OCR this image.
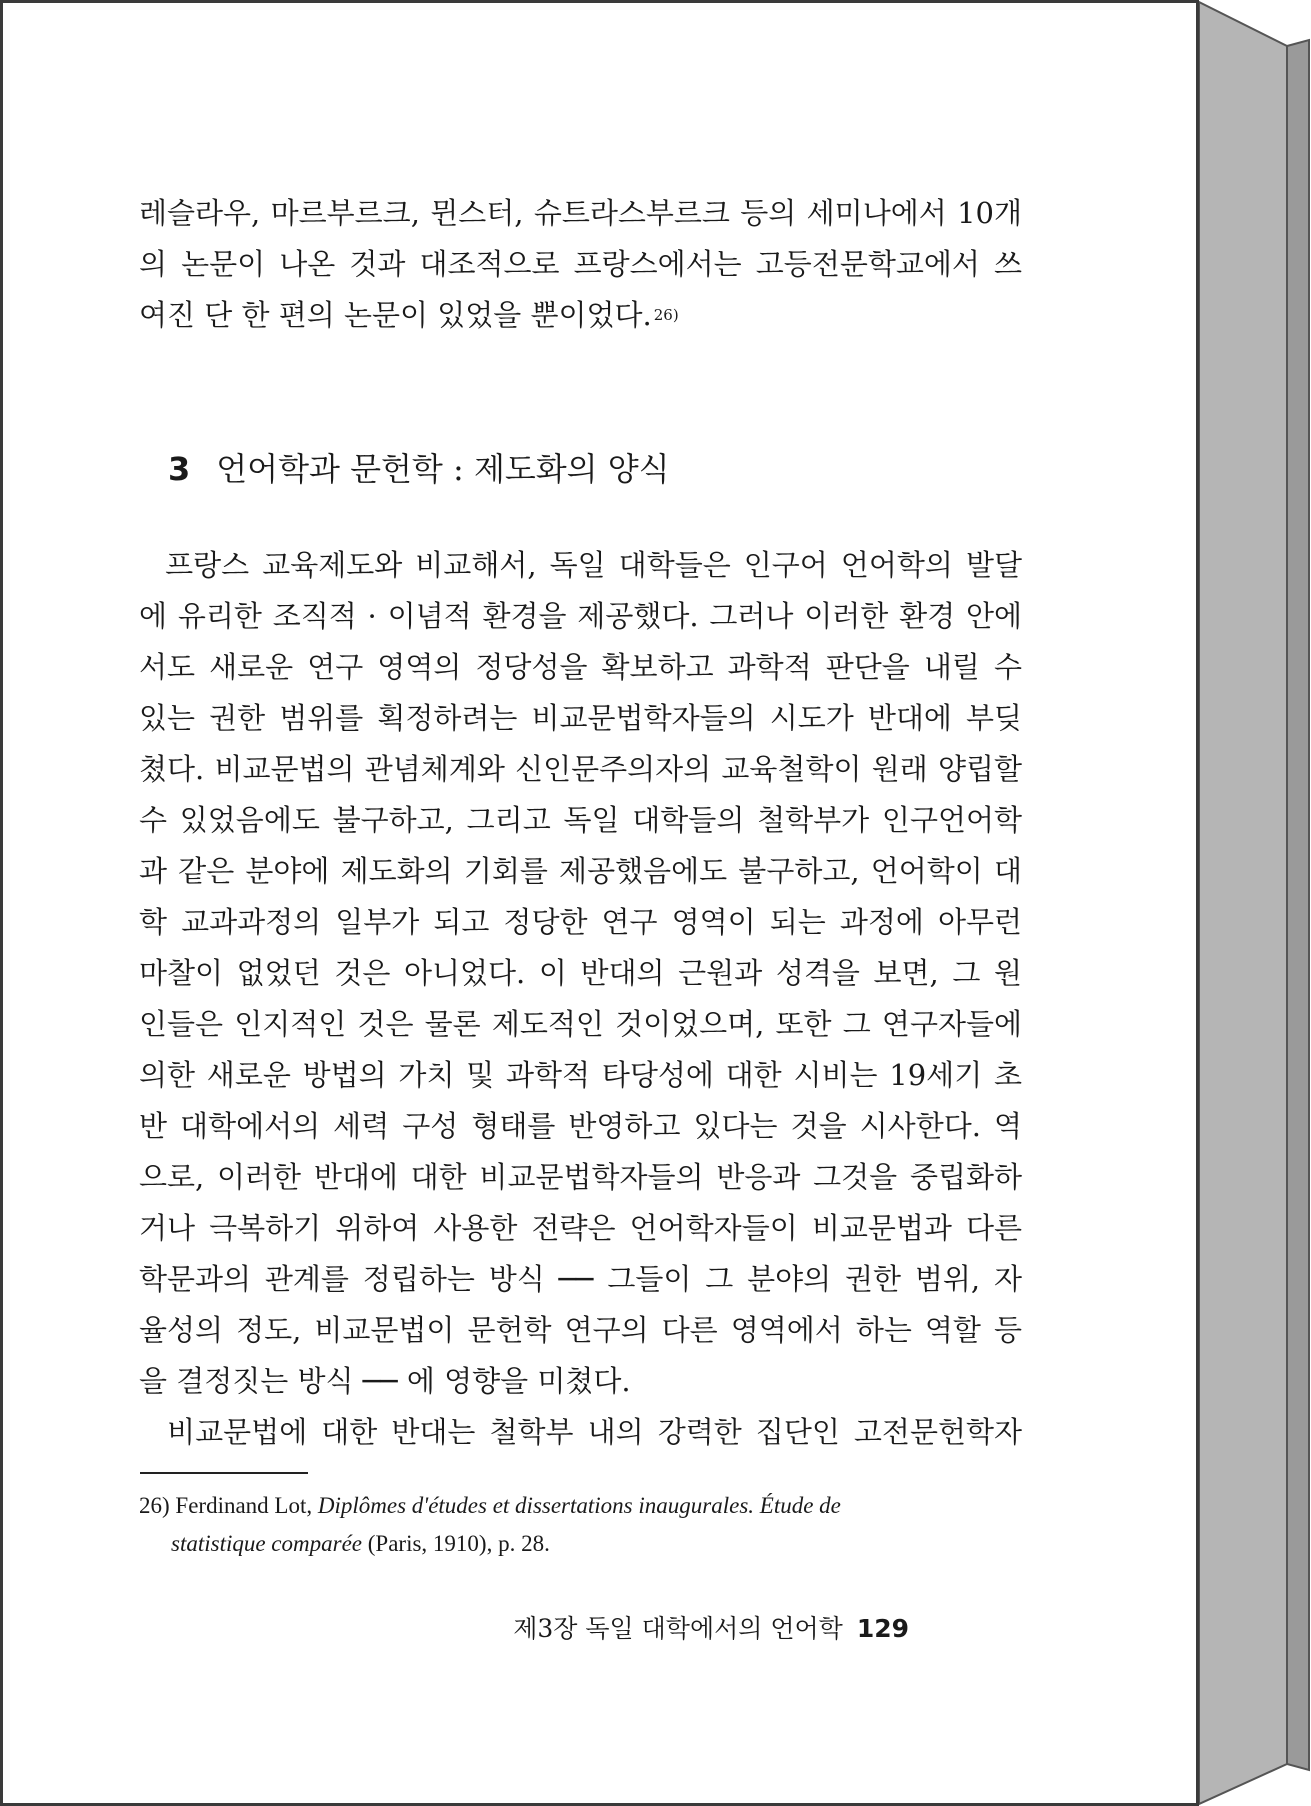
레슬라우, 마르부르크, 뮌스터, 슈트라스부르크 등의 세미나에서 10개
의 논문이 나온 것과 대조적으로 프랑스에서는 고등전문학교에서 쓰
여진 단 한 편의 논문이 있었을 뿐이었다. 26)
3 언어학과 문헌학 : 제도화의 양식
프랑스 교육제도와 비교해서, 독일 대학들은 인구어 언어학의 발달
에 유리한 조직적 · 이념적 환경을 제공했다. 그러나 이러한 환경 안에
서도 새로운 연구 영역의 정당성을 확보하고 과학적 판단을 내릴 수
있는 권한 범위를 획정하려는 비교문법학자들의 시도가 반대에 부딪
쳤다. 비교문법의 관념체계와 신인문주의자의 교육철학이 원래 양립할
수 있었음에도 불구하고, 그리고 독일 대학들의 철학부가 인구언어학
과 같은 분야에 제도화의 기회를 제공했음에도 불구하고, 언어학이 대
학 교과과정의 일부가 되고 정당한 연구 영역이 되는 과정에 아무런
마찰이 없었던 것은 아니었다. 이 반대의 근원과 성격을 보면, 그 원
인들은 인지적인 것은 물론 제도적인 것이었으며, 또한 그 연구자들에
의한 새로운 방법의 가치 및 과학적 타당성에 대한 시비는 19세기 초
반 대학에서의 세력 구성 형태를 반영하고 있다는 것을 시사한다. 역
으로, 이러한 반대에 대한 비교문법학자들의 반응과 그것을 중립화하
거나 극복하기 위하여 사용한 전략은 언어학자들이 비교문법과 다른
학문과의 관계를 정립하는 방식 ── 그들이 그 분야의 권한 범위, 자
율성의 정도, 비교문법이 문헌학 연구의 다른 영역에서 하는 역할 등
을 결정짓는 방식 ── 에 영향을 미쳤다.
비교문법에 대한 반대는 철학부 내의 강력한 집단인 고전문헌학자
26) Ferdinand Lot, Diplômes d'études et dissertations inaugurales. Étude de
statistique comparée (Paris, 1910), p. 28.
제3장 독일 대학에서의 언어학 129
